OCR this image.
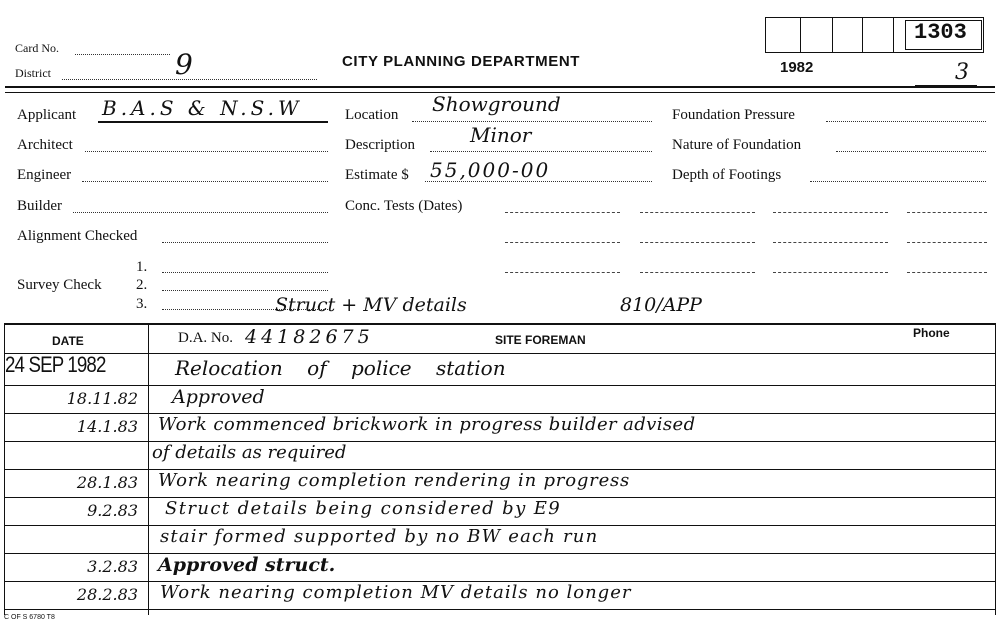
Card No.
District	9	CITY PLANNING DEPARTMENT	1982
1303
3
Applicant B.A.S & N.S.W
Architect
Engineer
Builder
Alignment Checked
Survey Check
1.
2.
3.
Location Showground
Description	Minor
Estimate $ 55,000-00
Conc. Tests (Dates)
Foundation Pressure
Nature of Foundation
Depth of Footings
Struct + MV details	810/APP
DATE	D.A. No. 44182675	SITE FOREMAN	Phone
24 SEP 1982	Relocation of police station
18.11.82 Approved
14.1.83 Work commenced brickwork in progress builder advised
of details as required
28.1.83 Work nearing completion rendering in progress
9.2.83 Struct details being considered by E9
stair formed supported by no BW each run
3.2.83 Approved struct.
28.2.83 Work nearing completion MV details no longer
C OF S 6780 T8
